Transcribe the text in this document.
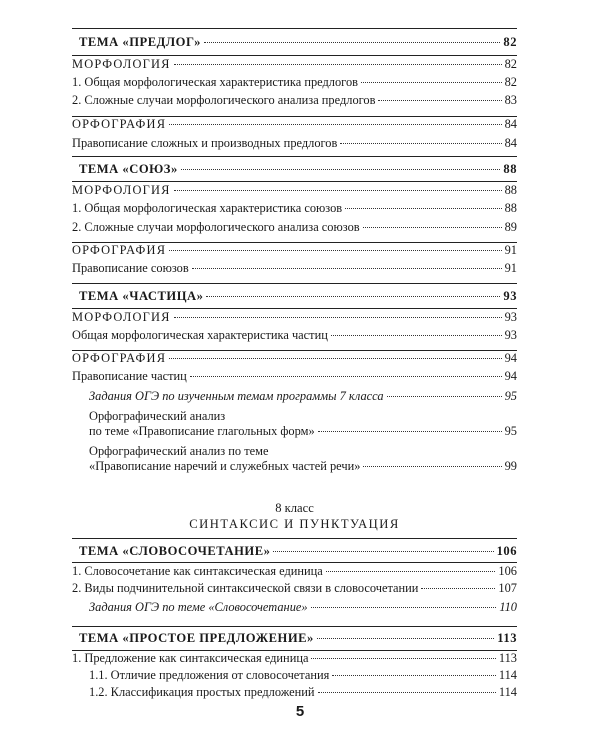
ТЕМА «ПРЕДЛОГ»	82
МОРФОЛОГИЯ	82
1. Общая морфологическая характеристика предлогов	82
2. Сложные случаи морфологического анализа предлогов	83
ОРФОГРАФИЯ	84
Правописание сложных и производных предлогов	84
ТЕМА «СОЮЗ»	88
МОРФОЛОГИЯ	88
1. Общая морфологическая характеристика союзов	88
2. Сложные случаи морфологического анализа союзов	89
ОРФОГРАФИЯ	91
Правописание союзов	91
ТЕМА «ЧАСТИЦА»	93
МОРФОЛОГИЯ	93
Общая морфологическая характеристика частиц	93
ОРФОГРАФИЯ	94
Правописание частиц	94
Задания ОГЭ по изученным темам программы 7 класса	95
Орфографический анализ
по теме «Правописание глагольных форм»	95
Орфографический анализ по теме
«Правописание наречий и служебных частей речи»	99
8 класс
СИНТАКСИС И ПУНКТУАЦИЯ
ТЕМА «СЛОВОСОЧЕТАНИЕ»	106
1. Словосочетание как синтаксическая единица	106
2. Виды подчинительной синтаксической связи в словосочетании	107
Задания ОГЭ по теме «Словосочетание»	110
ТЕМА «ПРОСТОЕ ПРЕДЛОЖЕНИЕ»	113
1. Предложение как синтаксическая единица	113
1.1. Отличие предложения от словосочетания	114
1.2. Классификация простых предложений	114
5
